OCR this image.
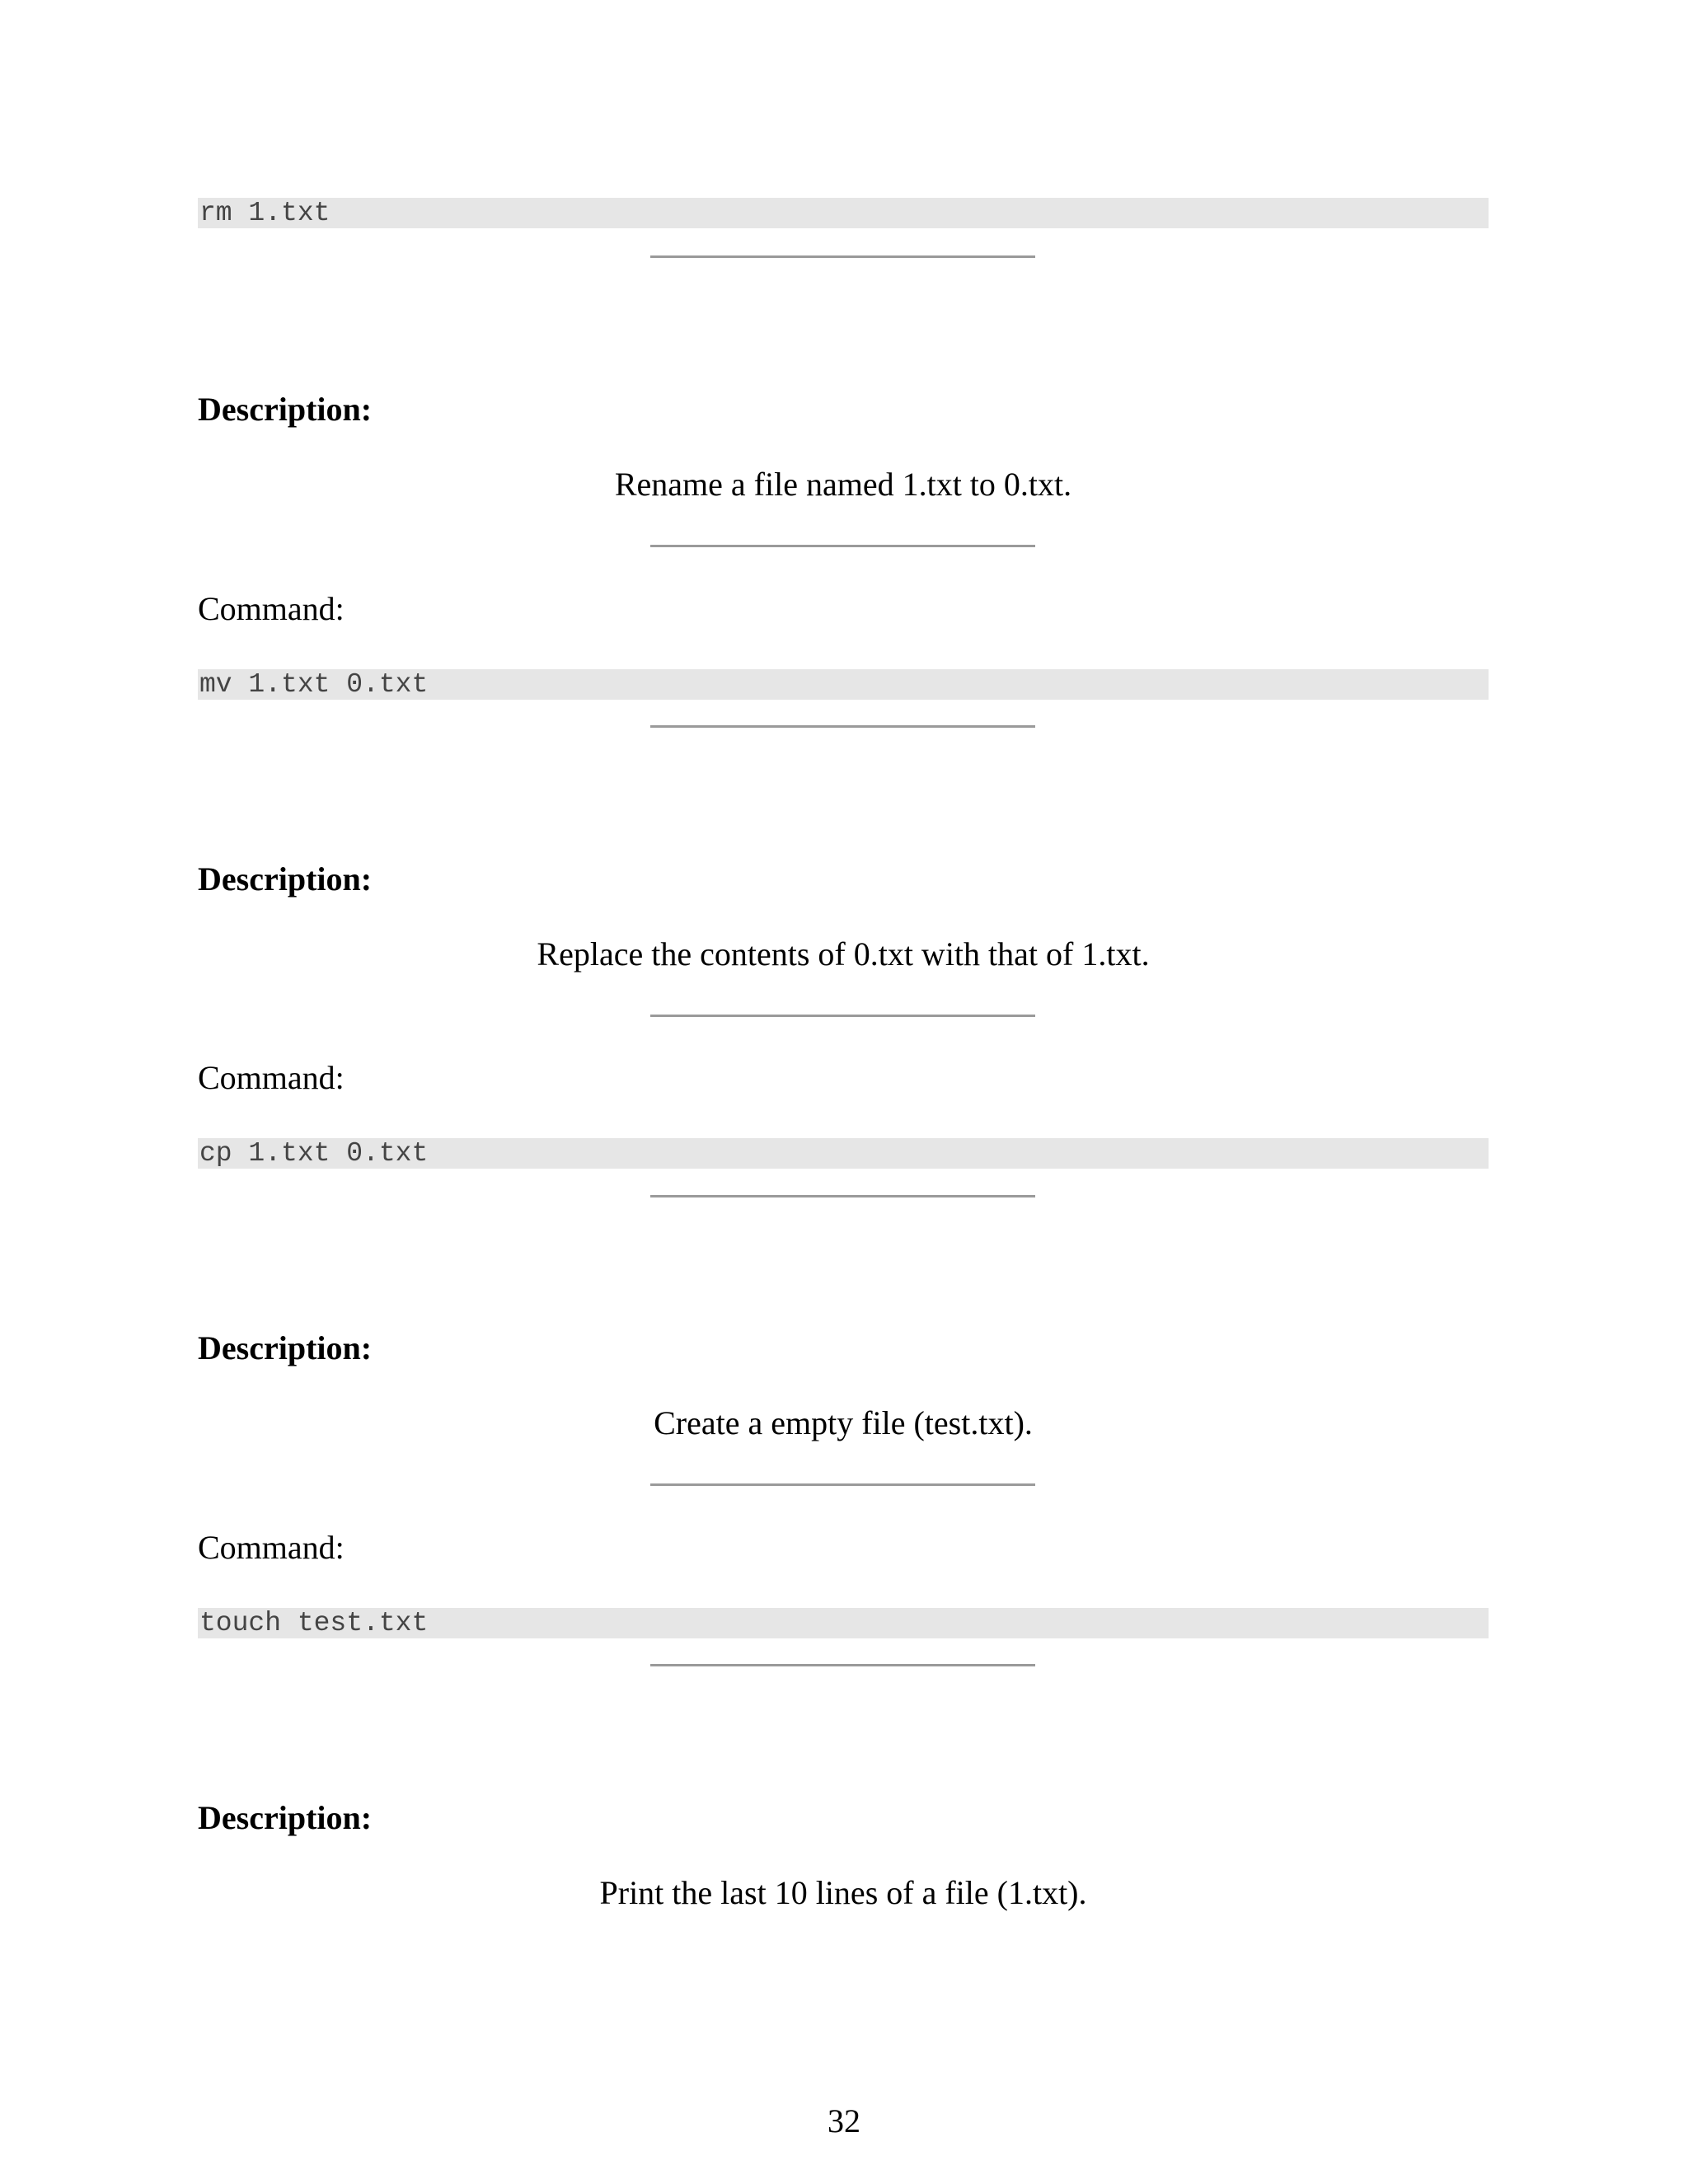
rm 1.txt
Description:
Rename a file named 1.txt to 0.txt.
Command:
mv 1.txt 0.txt
Description:
Replace the contents of 0.txt with that of 1.txt.
Command:
cp 1.txt 0.txt
Description:
Create a empty file (test.txt).
Command:
touch test.txt
Description:
Print the last 10 lines of a file (1.txt).
32
